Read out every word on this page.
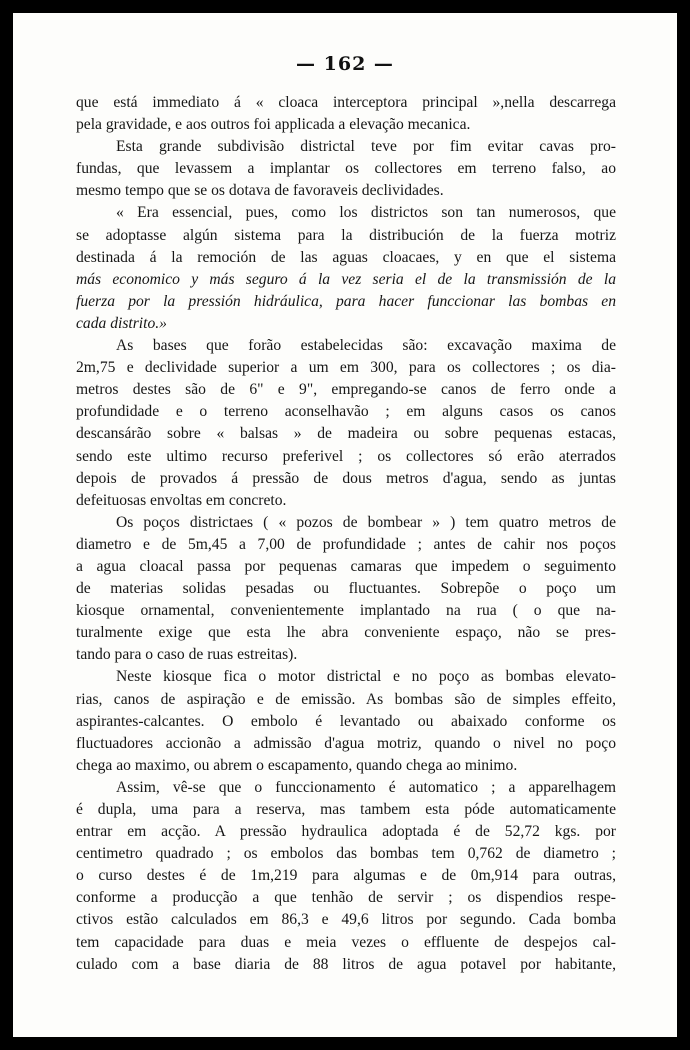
— 162 —

que está immediato á « cloaca interceptora principal »,nella descarrega
pela gravidade, e aos outros foi applicada a elevação mecanica.

Esta grande subdivisão districtal teve por fim evitar cavas pro-
fundas, que levassem a implantar os collectores em terreno falso, ao
mesmo tempo que se os dotava de favoraveis declividades.

« Era essencial, pues, como los districtos son tan numerosos, que
se adoptasse algún sistema para la distribución de la fuerza motriz
destinada á la remoción de las aguas cloacaes, y en que el sistema
más economico y más seguro á la vez seria el de la transmissión de la
fuerza por la pressión hidráulica, para hacer funccionar las bombas en
cada distrito.»

As bases que forão estabelecidas são: excavação maxima de
2m,75 e declividade superior a um em 300, para os collectores ; os dia-
metros destes são de 6" e 9", empregando-se canos de ferro onde a
profundidade e o terreno aconselhavão ; em alguns casos os canos
descansárão sobre « balsas » de madeira ou sobre pequenas estacas,
sendo este ultimo recurso preferivel ; os collectores só erão aterrados
depois de provados á pressão de dous metros d'agua, sendo as juntas
defeituosas envoltas em concreto.

Os poços districtaes ( « pozos de bombear » ) tem quatro metros de
diametro e de 5m,45 a 7,00 de profundidade ; antes de cahir nos poços
a agua cloacal passa por pequenas camaras que impedem o seguimento
de materias solidas pesadas ou fluctuantes. Sobrepõe o poço um
kiosque ornamental, convenientemente implantado na rua ( o que na-
turalmente exige que esta lhe abra conveniente espaço, não se pres-
tando para o caso de ruas estreitas).

Neste kiosque fica o motor districtal e no poço as bombas elevato-
rias, canos de aspiração e de emissão. As bombas são de simples effeito,
aspirantes-calcantes. O embolo é levantado ou abaixado conforme os
fluctuadores accionão a admissão d'agua motriz, quando o nivel no poço
chega ao maximo, ou abrem o escapamento, quando chega ao minimo.

Assim, vê-se que o funccionamento é automatico ; a apparelhagem
é dupla, uma para a reserva, mas tambem esta póde automaticamente
entrar em acção. A pressão hydraulica adoptada é de 52,72 kgs. por
centimetro quadrado ; os embolos das bombas tem 0,762 de diametro ;
o curso destes é de 1m,219 para algumas e de 0m,914 para outras,
conforme a producção a que tenhão de servir ; os dispendios respe-
ctivos estão calculados em 86,3 e 49,6 litros por segundo. Cada bomba
tem capacidade para duas e meia vezes o effluente de despejos cal-
culado com a base diaria de 88 litros de agua potavel por habitante,
